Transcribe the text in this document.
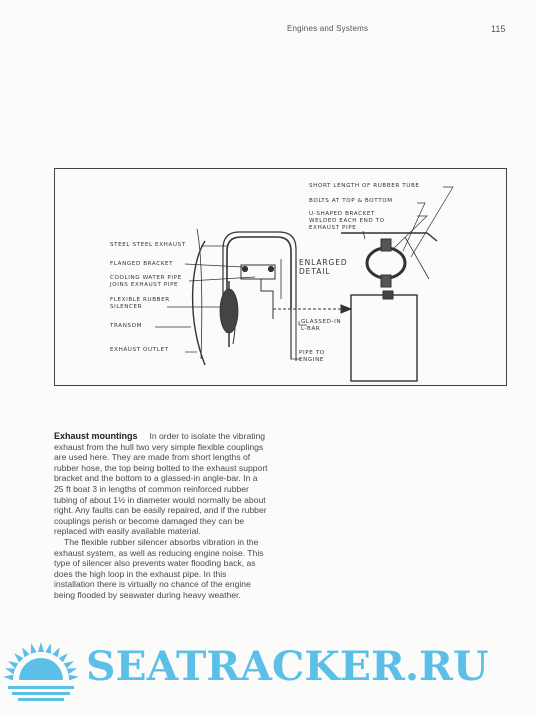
Engines and Systems	115
SHORT LENGTH OF RUBBER TUBE
BOLTS AT TOP & BOTTOM
U-SHAPED BRACKET
WELDED EACH END TO
EXHAUST PIPE
STEEL STEEL EXHAUST
FLANGED BRACKET
COOLING WATER PIPE
JOINS EXHAUST PIPE
ENLARGED
DETAIL
FLEXIBLE RUBBER
SILENCER
TRANSOM
EXHAUST OUTLET
GLASSED-IN
L-BAR
PIPE TO
ENGINE

Exhaust mountings In order to isolate the vibrating exhaust from the hull two very simple flexible couplings are used here. They are made from short lengths of rubber hose, the top being bolted to the exhaust support bracket and the bottom to a glassed-in angle-bar. In a 25 ft boat 3 in lengths of common reinforced rubber tubing of about 1½ in diameter would normally be about right. Any faults can be easily repaired, and if the rubber couplings perish or become damaged they can be replaced with easily available material.

The flexible rubber silencer absorbs vibration in the exhaust system, as well as reducing engine noise. This type of silencer also prevents water flooding back, as does the high loop in the exhaust pipe. In this installation there is virtually no chance of the engine being flooded by seawater during heavy weather.

SEATRACKER.RU
